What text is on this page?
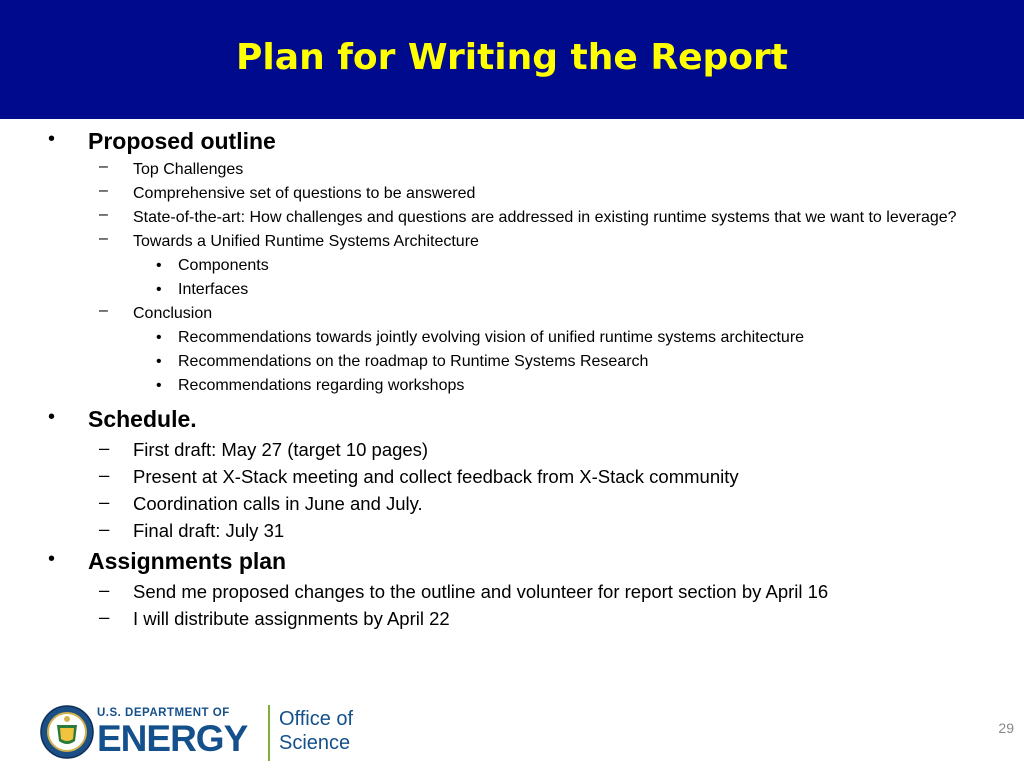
Plan for Writing the Report
• Proposed outline
– Top Challenges
– Comprehensive set of questions to be answered
– State-of-the-art: How challenges and questions are addressed in existing runtime systems that we want to leverage?
– Towards a Unified Runtime Systems Architecture
• Components
• Interfaces
– Conclusion
• Recommendations towards jointly evolving vision of unified runtime systems architecture
• Recommendations on the roadmap to Runtime Systems Research
• Recommendations regarding workshops
• Schedule.
– First draft: May 27 (target 10 pages)
– Present at X-Stack meeting and collect feedback from X-Stack community
– Coordination calls in June and July.
– Final draft: July 31
• Assignments plan
– Send me proposed changes to the outline and volunteer for report section by April 16
– I will distribute assignments by April 22
U.S. DEPARTMENT OF
ENERGY Office of
Science
29
